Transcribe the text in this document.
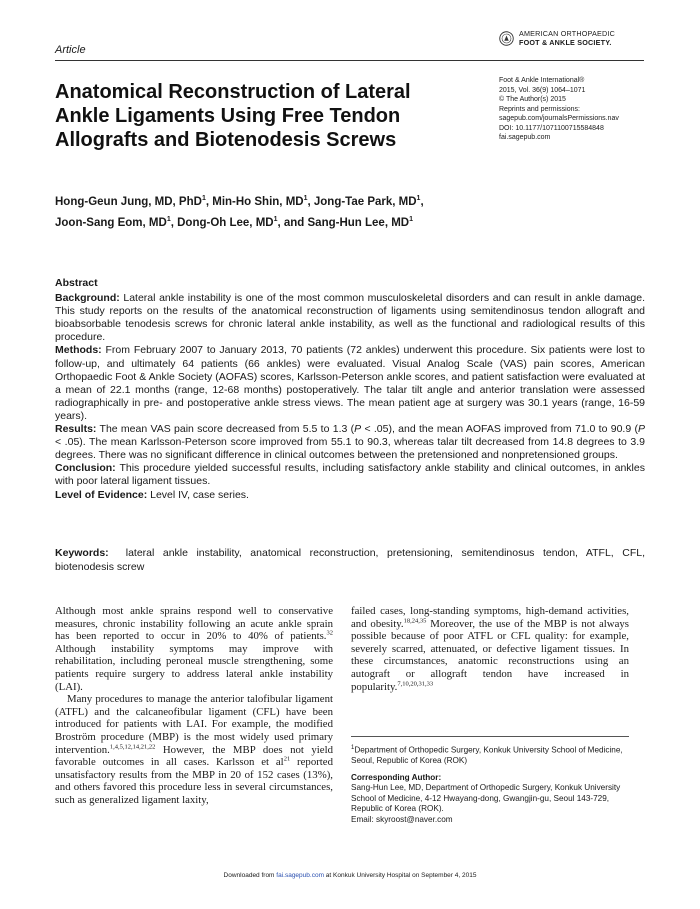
Article
AMERICAN ORTHOPAEDIC
FOOT & ANKLE SOCIETY.
Anatomical Reconstruction of Lateral Ankle Ligaments Using Free Tendon Allografts and Biotenodesis Screws
Foot & Ankle International®
2015, Vol. 36(9) 1064–1071
© The Author(s) 2015
Reprints and permissions:
sagepub.com/journalsPermissions.nav
DOI: 10.1177/1071100715584848
fai.sagepub.com
Hong-Geun Jung, MD, PhD$^1$, Min-Ho Shin, $MD^1$, Jong-Tae Park, $MD^1$,
Joon-Sang Eom, $MD^1$, Dong-Oh Lee, $MD^1$, and Sang-Hun Lee, $MD^1$
Abstract

Background: Lateral ankle instability is one of the most common musculoskeletal disorders and can result in ankle damage. This study reports on the results of the anatomical reconstruction of ligaments using semitendinosus tendon allograft and bioabsorbable tenodesis screws for chronic lateral ankle instability, as well as the functional and radiological results of this procedure.

Methods: From February 2007 to January 2013, 70 patients (72 ankles) underwent this procedure. Six patients were lost to follow-up, and ultimately 64 patients (66 ankles) were evaluated. Visual Analog Scale (VAS) pain scores, American Orthopaedic Foot & Ankle Society (AOFAS) scores, Karlsson-Peterson ankle scores, and patient satisfaction were evaluated at a mean of 22.1 months (range, 12-68 months) postoperatively. The talar tilt angle and anterior translation were assessed radiographically in pre- and postoperative ankle stress views. The mean patient age at surgery was 30.1 years (range, 16-59 years).

Results: The mean VAS pain score decreased from 5.5 to 1.3 (P < .05), and the mean AOFAS improved from 71.0 to 90.9 (P < .05). The mean Karlsson-Peterson score improved from 55.1 to 90.3, whereas talar tilt decreased from 14.8 degrees to 3.9 degrees. There was no significant difference in clinical outcomes between the pretensioned and nonpretensioned groups.

Conclusion: This procedure yielded successful results, including satisfactory ankle stability and clinical outcomes, in ankles with poor lateral ligament tissues.

Level of Evidence: Level IV, case series.

Keywords: lateral ankle instability, anatomical reconstruction, pretensioning, semitendinosus tendon, ATFL, CFL, biotenodesis screw

Although most ankle sprains respond well to conservative measures, chronic instability following an acute ankle sprain has been reported to occur in 20% to 40% of patients.$^{32}$ Although instability symptoms may improve with rehabilitation, including peroneal muscle strengthening, some patients require surgery to address lateral ankle instability (LAI).

Many procedures to manage the anterior talofibular ligament (ATFL) and the calcaneofibular ligament (CFL) have been introduced for patients with LAI. For example, the modified Broström procedure (MBP) is the most widely used primary intervention.$^{1,4,5,12,14,21,22}$ However, the MBP does not yield favorable outcomes in all cases. Karlsson et $al^{21}$ reported unsatisfactory results from the MBP in 20 of 152 cases (13%), and others favored this procedure less in several circumstances, such as generalized ligament laxity,

failed cases, long-standing symptoms, high-demand activities, and obesity.$^{18,24,35}$ Moreover, the use of the MBP is not always possible because of poor ATFL or CFL quality: for example, severely scarred, attenuated, or defective ligament tissues. In these circumstances, anatomic reconstructions using an autograft or allograft tendon have increased in popularity.$^{7,10,20,31,33}$

$^1$Department of Orthopedic Surgery, Konkuk University School of Medicine, Seoul, Republic of Korea (ROK)

Corresponding Author:

Sang-Hun Lee, MD, Department of Orthopedic Surgery, Konkuk University School of Medicine, 4-12 Hwayang-dong, Gwangjin-gu, Seoul 143-729, Republic of Korea (ROK).

Email: skyroost@naver.com

Downloaded from fai.sagepub.com at Konkuk University Hospital on September 4, 2015
